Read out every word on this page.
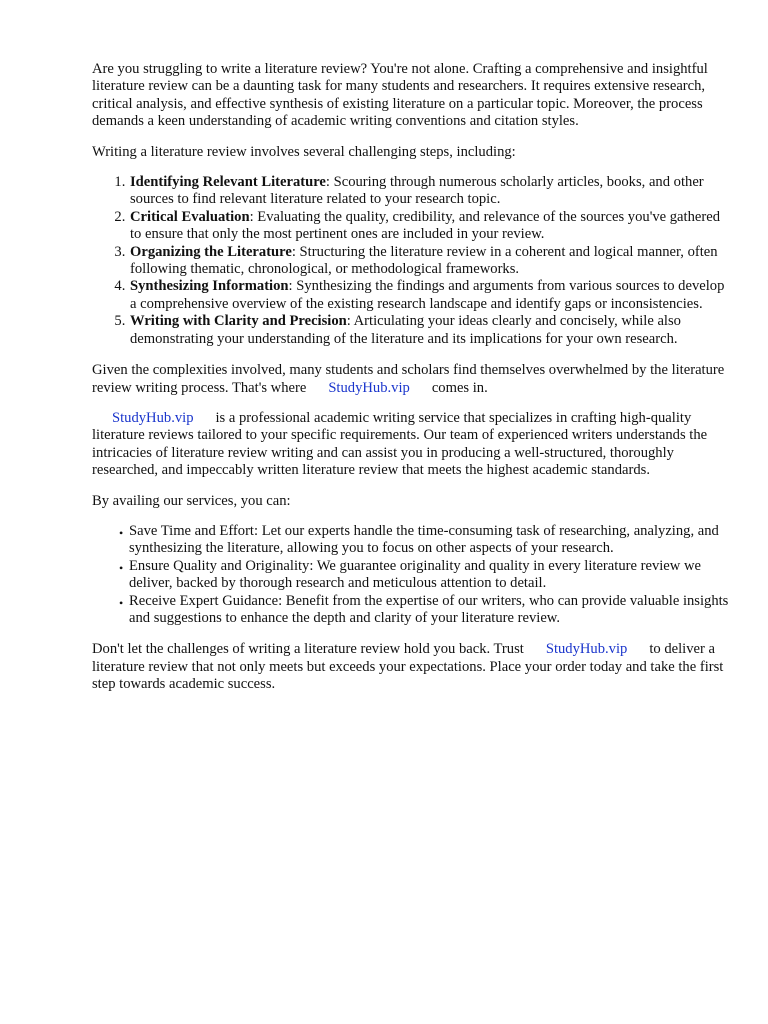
Are you struggling to write a literature review? You're not alone. Crafting a comprehensive and insightful literature review can be a daunting task for many students and researchers. It requires extensive research, critical analysis, and effective synthesis of existing literature on a particular topic. Moreover, the process demands a keen understanding of academic writing conventions and citation styles.

Writing a literature review involves several challenging steps, including:

1. Identifying Relevant Literature: Scouring through numerous scholarly articles, books, and other sources to find relevant literature related to your research topic.
2. Critical Evaluation: Evaluating the quality, credibility, and relevance of the sources you've gathered to ensure that only the most pertinent ones are included in your review.
3. Organizing the Literature: Structuring the literature review in a coherent and logical manner, often following thematic, chronological, or methodological frameworks.
4. Synthesizing Information: Synthesizing the findings and arguments from various sources to develop a comprehensive overview of the existing research landscape and identify gaps or inconsistencies.
5. Writing with Clarity and Precision: Articulating your ideas clearly and concisely, while also demonstrating your understanding of the literature and its implications for your own research.

Given the complexities involved, many students and scholars find themselves overwhelmed by the literature review writing process. That's where StudyHub.vip comes in.

StudyHub.vip is a professional academic writing service that specializes in crafting high-quality literature reviews tailored to your specific requirements. Our team of experienced writers understands the intricacies of literature review writing and can assist you in producing a well-structured, thoroughly researched, and impeccably written literature review that meets the highest academic standards.

By availing our services, you can:

• Save Time and Effort: Let our experts handle the time-consuming task of researching, analyzing, and synthesizing the literature, allowing you to focus on other aspects of your research.
• Ensure Quality and Originality: We guarantee originality and quality in every literature review we deliver, backed by thorough research and meticulous attention to detail.
• Receive Expert Guidance: Benefit from the expertise of our writers, who can provide valuable insights and suggestions to enhance the depth and clarity of your literature review.

Don't let the challenges of writing a literature review hold you back. Trust StudyHub.vip to deliver a literature review that not only meets but exceeds your expectations. Place your order today and take the first step towards academic success.
